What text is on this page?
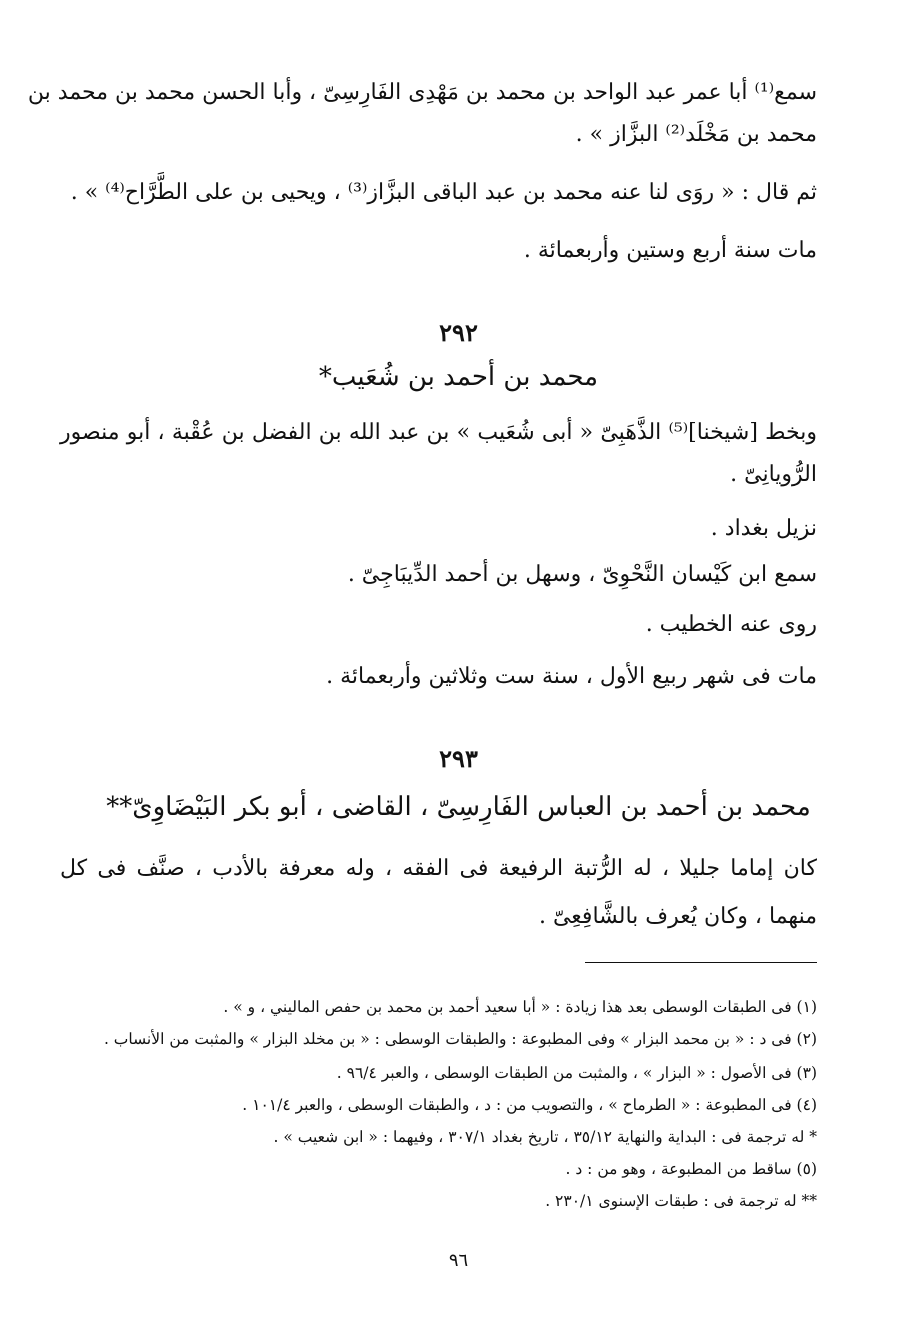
سمع⁽¹⁾ أبا عمر عبد الواحد بن محمد بن مَهْدِى الفَارِسِىّ ، وأبا الحسن محمد بن محمد بن
محمد بن مَخْلَد⁽²⁾ البزَّاز » .
ثم قال : « روَى لنا عنه محمد بن عبد الباقى البزَّاز⁽³⁾ ، ويحيى بن على الطَّرَّاح⁽⁴⁾ » .
مات سنة أربع وستين وأربعمائة .
٢٩٢
محمد بن أحمد بن شُعَيب*
وبخط [شيخنا]⁽⁵⁾ الذَّهَبِىّ « أبى شُعَيب » بن عبد الله بن الفضل بن عُقْبة ، أبو منصور
الرُّويانِىّ .
نزيل بغداد .
سمع ابن كَيْسان النَّحْوِىّ ، وسهل بن أحمد الدِّيبَاجِىّ .
روى عنه الخطيب .
مات فى شهر ربيع الأول ، سنة ست وثلاثين وأربعمائة .
٢٩٣
محمد بن أحمد بن العباس الفَارِسِىّ ، القاضى ، أبو بكر البَيْضَاوِىّ**
كان إماما جليلا ، له الرُّتبة الرفيعة فى الفقه ، وله معرفة بالأدب ، صنَّف فى كل
منهما ، وكان يُعرف بالشَّافِعِىّ .
(١) فى الطبقات الوسطى بعد هذا زيادة : « أبا سعيد أحمد بن محمد بن حفص الماليني ، و » .
(٢) فى د : « بن محمد البزار » وفى المطبوعة : والطبقات الوسطى : « بن مخلد البزار » والمثبت من الأنساب .
(٣) فى الأصول : « البزار » ، والمثبت من الطبقات الوسطى ، والعبر ٩٦/٤ .
(٤) فى المطبوعة : « الطرماح » ، والتصويب من : د ، والطبقات الوسطى ، والعبر ١٠١/٤ .
* له ترجمة فى : البداية والنهاية ٣٥/١٢ ، تاريخ بغداد ٣٠٧/١ ، وفيهما : « ابن شعيب » .
(٥) ساقط من المطبوعة ، وهو من : د .
** له ترجمة فى : طبقات الإسنوى ٢٣٠/١ .
٩٦
